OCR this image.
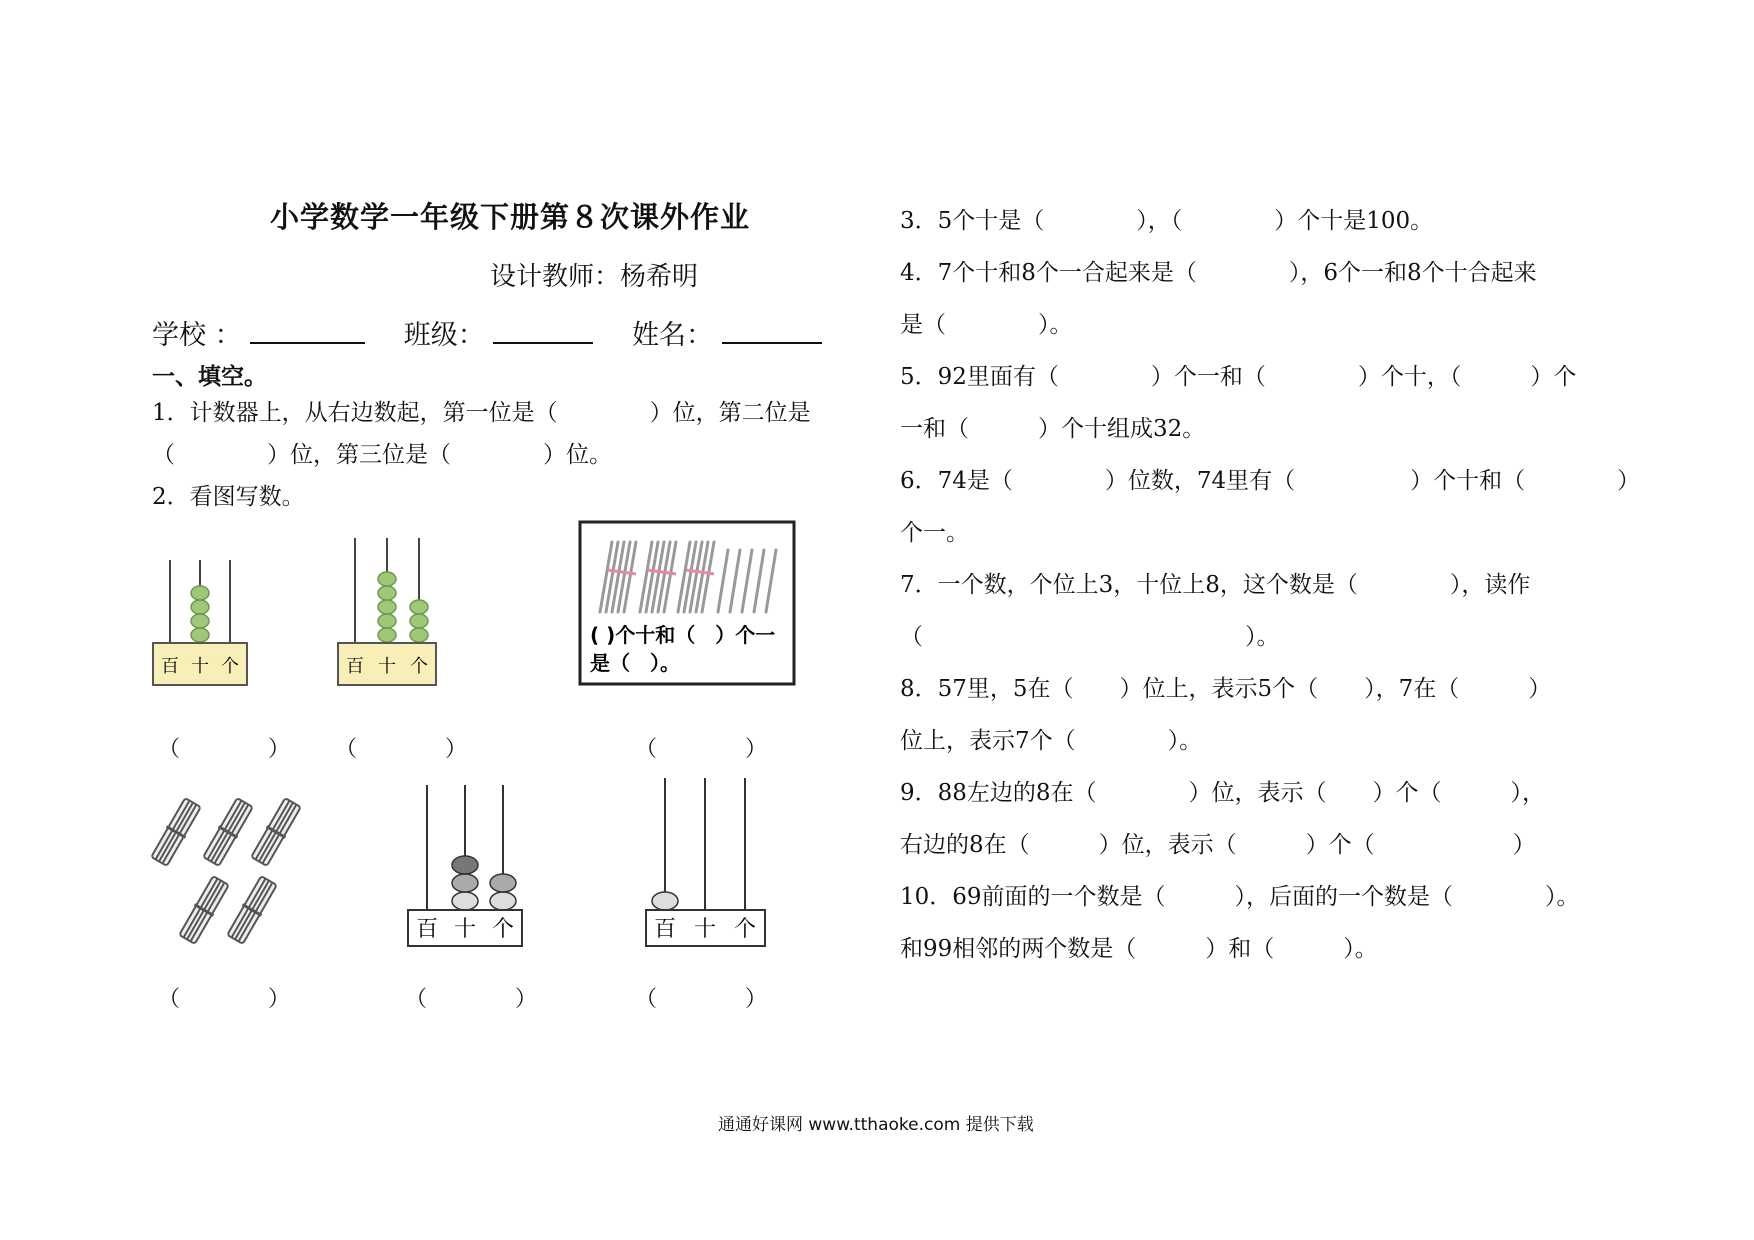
小学数学一年级下册第８次课外作业
设计教师：杨希明
学校 ：	班级：	姓名：
一、填空。
1．计数器上，从右边数起，第一位是（　　　　）位，第二位是
（　　　　）位，第三位是（　　　　）位。
2．看图写数。
百 十 个	百 十 个
( )个十和（　）个一
是（　）。
（　　　　） （　　　　）	（　　　　）
百 十 个	百 十 个
（　　　　）	（　　　　）	（　　　　）
3．5个十是（　　　　），（　　　　）个十是100。
4．7个十和8个一合起来是（　　　　），6个一和8个十合起来
是（　　　　）。
5．92里面有（　　　　）个一和（　　　　）个十，（　　　）个
一和（　　　）个十组成32。
6．74是（　　　　）位数，74里有（　　　　　）个十和（　　　　）
个一。
7．一个数，个位上3，十位上8，这个数是（　　　　），读作
（　　　　　　　　　　　　　　）。
8．57里，5在（　　）位上，表示5个（　　），7在（　　　）
位上，表示7个（　　　　）。
9．88左边的8在（　　　　）位，表示（　　）个（　　　），
右边的8在（　　　）位，表示（　　　）个（　　　　　　）
10．69前面的一个数是（　　　），后面的一个数是（　　　　）。
和99相邻的两个数是（　　　）和（　　　）。
通通好课网 www.tthaoke.com 提供下载
